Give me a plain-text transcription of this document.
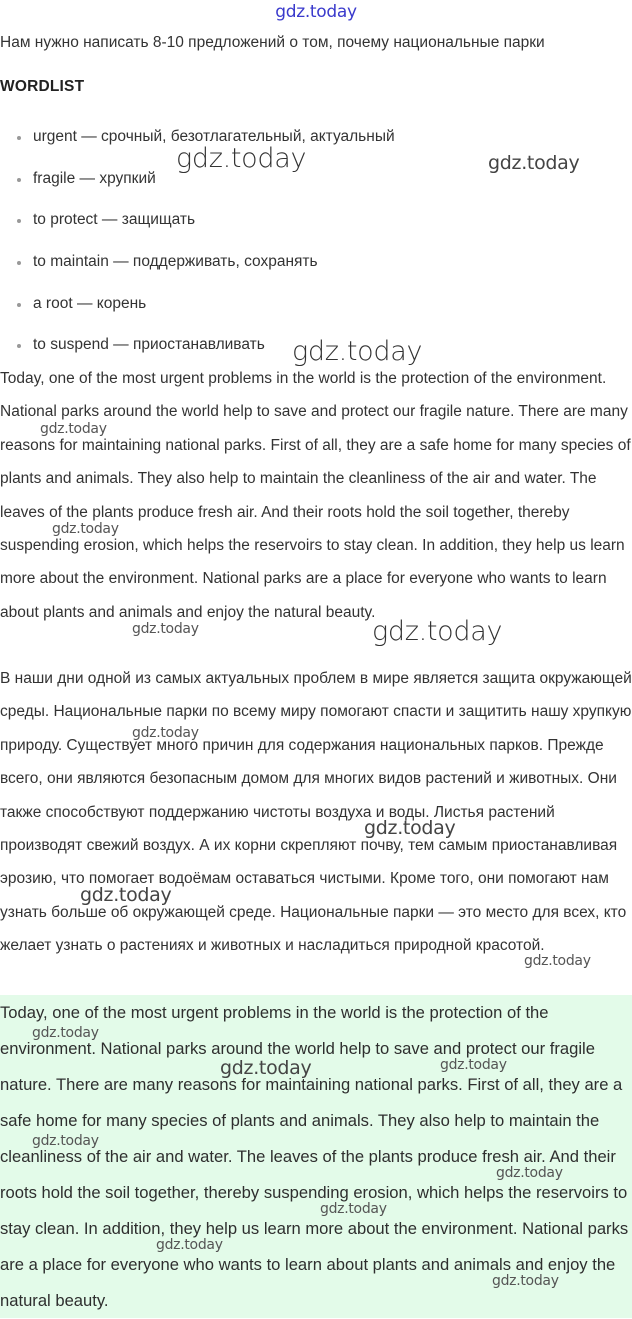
gdz.today
Нам нужно написать 8-10 предложений о том, почему национальные парки
WORDLIST
urgent — срочный, безотлагательный, актуальный
fragile — хрупкий
to protect — защищать
to maintain — поддерживать, сохранять
a root — корень
to suspend — приостанавливать

Today, one of the most urgent problems in the world is the protection of the environment. National parks around the world help to save and protect our fragile nature. There are many reasons for maintaining national parks. First of all, they are a safe home for many species of plants and animals. They also help to maintain the cleanliness of the air and water. The leaves of the plants produce fresh air. And their roots hold the soil together, thereby suspending erosion, which helps the reservoirs to stay clean. In addition, they help us learn more about the environment. National parks are a place for everyone who wants to learn about plants and animals and enjoy the natural beauty.

В наши дни одной из самых актуальных проблем в мире является защита окружающей среды. Национальные парки по всему миру помогают спасти и защитить нашу хрупкую природу. Существует много причин для содержания национальных парков. Прежде всего, они являются безопасным домом для многих видов растений и животных. Они также способствуют поддержанию чистоты воздуха и воды. Листья растений производят свежий воздух. А их корни скрепляют почву, тем самым приостанавливая эрозию, что помогает водоёмам оставаться чистыми. Кроме того, они помогают нам узнать больше об окружающей среде. Национальные парки — это место для всех, кто желает узнать о растениях и животных и насладиться природной красотой.

Today, one of the most urgent problems in the world is the protection of the environment. National parks around the world help to save and protect our fragile nature. There are many reasons for maintaining national parks. First of all, they are a safe home for many species of plants and animals. They also help to maintain the cleanliness of the air and water. The leaves of the plants produce fresh air. And their roots hold the soil together, thereby suspending erosion, which helps the reservoirs to stay clean. In addition, they help us learn more about the environment. National parks are a place for everyone who wants to learn about plants and animals and enjoy the natural beauty.

gdz.today	gdz.today
gdz.today
gdz.today
gdz.today
gdz.today	gdz.today
gdz.today
gdz.today
gdz.today
gdz.today
gdz.today
gdz.today	gdz.today
gdz.today
gdz.today
gdz.today
gdz.today
gdz.today
